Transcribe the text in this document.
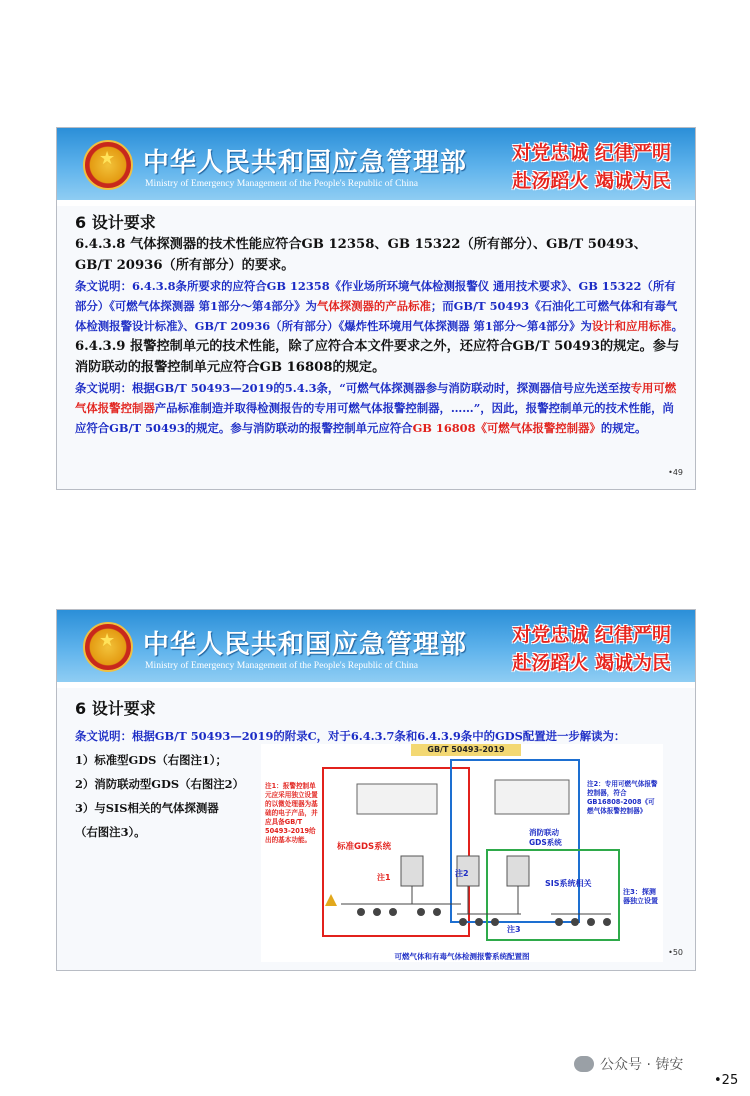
★
中华人民共和国应急管理部
Ministry of Emergency Management of the People's Republic of China
对党忠诚 纪律严明
赴汤蹈火 竭诚为民
6 设计要求
6.4.3.8 气体探测器的技术性能应符合GB 12358、GB 15322（所有部分）、GB/T 50493、GB/T 20936（所有部分）的要求。
条文说明：6.4.3.8条所要求的应符合GB 12358《作业场所环境气体检测报警仪 通用技术要求》、GB 15322（所有部分）《可燃气体探测器 第1部分～第4部分》为气体探测器的产品标准；而GB/T 50493《石油化工可燃气体和有毒气体检测报警设计标准》、GB/T 20936（所有部分）《爆炸性环境用气体探测器 第1部分～第4部分》为设计和应用标准。
6.4.3.9 报警控制单元的技术性能，除了应符合本文件要求之外，还应符合GB/T 50493的规定。参与消防联动的报警控制单元应符合GB 16808的规定。
条文说明：根据GB/T 50493—2019的5.4.3条，“可燃气体探测器参与消防联动时，探测器信号应先送至按专用可燃气体报警控制器产品标准制造并取得检测报告的专用可燃气体报警控制器，……”，因此，报警控制单元的技术性能，尚应符合GB/T 50493的规定。参与消防联动的报警控制单元应符合GB 16808《可燃气体报警控制器》的规定。
•49
★
中华人民共和国应急管理部
Ministry of Emergency Management of the People's Republic of China
对党忠诚 纪律严明
赴汤蹈火 竭诚为民
6 设计要求
条文说明：根据GB/T 50493—2019的附录C，对于6.4.3.7条和6.4.3.9条中的GDS配置进一步解读为：
1）标准型GDS（右图注1）；
2）消防联动型GDS（右图注2）
3）与SIS相关的气体探测器
（右图注3）。
GB/T 50493-2019
注1：报警控制单元应采用独立设置的以微处理器为基础的电子产品，并应具备GB/T 50493-2019给出的基本功能。
注2：专用可燃气体报警控制器，符合GB16808-2008《可燃气体报警控制器》
注3：探测器独立设置
标准GDS系统
消防联动GDS系统
SIS系统相关
注1	注2
注3
可燃气体和有毒气体检测报警系统配置图	•50
公众号 · 铸安
•25
